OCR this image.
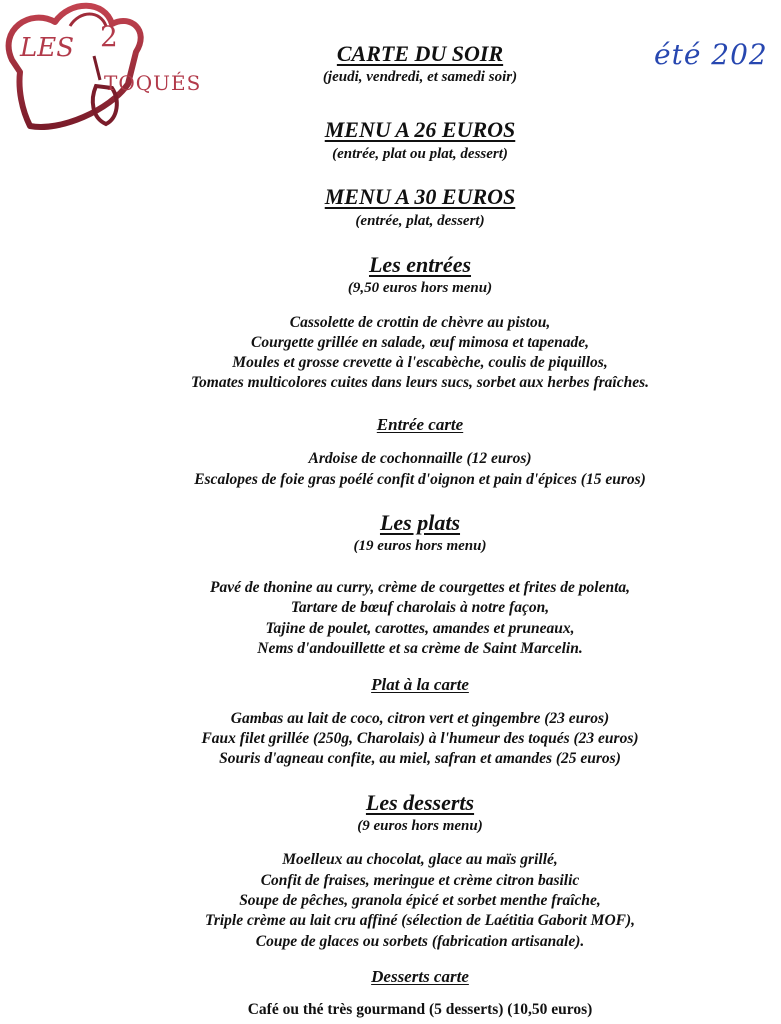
LES 2
TOQUÉS
été 202
CARTE DU SOIR
(jeudi, vendredi, et samedi soir)
MENU A 26 EUROS
(entrée, plat ou plat, dessert)
MENU A 30 EUROS
(entrée, plat, dessert)
Les entrées
(9,50 euros hors menu)
Cassolette de crottin de chèvre au pistou,
Courgette grillée en salade, œuf mimosa et tapenade,
Moules et grosse crevette à l'escabèche, coulis de piquillos,
Tomates multicolores cuites dans leurs sucs, sorbet aux herbes fraîches.
Entrée carte
Ardoise de cochonnaille (12 euros)
Escalopes de foie gras poélé confit d'oignon et pain d'épices (15 euros)
Les plats
(19 euros hors menu)
Pavé de thonine au curry, crème de courgettes et frites de polenta,
Tartare de bœuf charolais à notre façon,
Tajine de poulet, carottes, amandes et pruneaux,
Nems d'andouillette et sa crème de Saint Marcelin.
Plat à la carte
Gambas au lait de coco, citron vert et gingembre (23 euros)
Faux filet grillée (250g, Charolais) à l'humeur des toqués (23 euros)
Souris d'agneau confite, au miel, safran et amandes (25 euros)
Les desserts
(9 euros hors menu)
Moelleux au chocolat, glace au maïs grillé,
Confit de fraises, meringue et crème citron basilic
Soupe de pêches, granola épicé et sorbet menthe fraîche,
Triple crème au lait cru affiné (sélection de Laétitia Gaborit MOF),
Coupe de glaces ou sorbets (fabrication artisanale).
Desserts carte
Café ou thé très gourmand (5 desserts) (10,50 euros)
